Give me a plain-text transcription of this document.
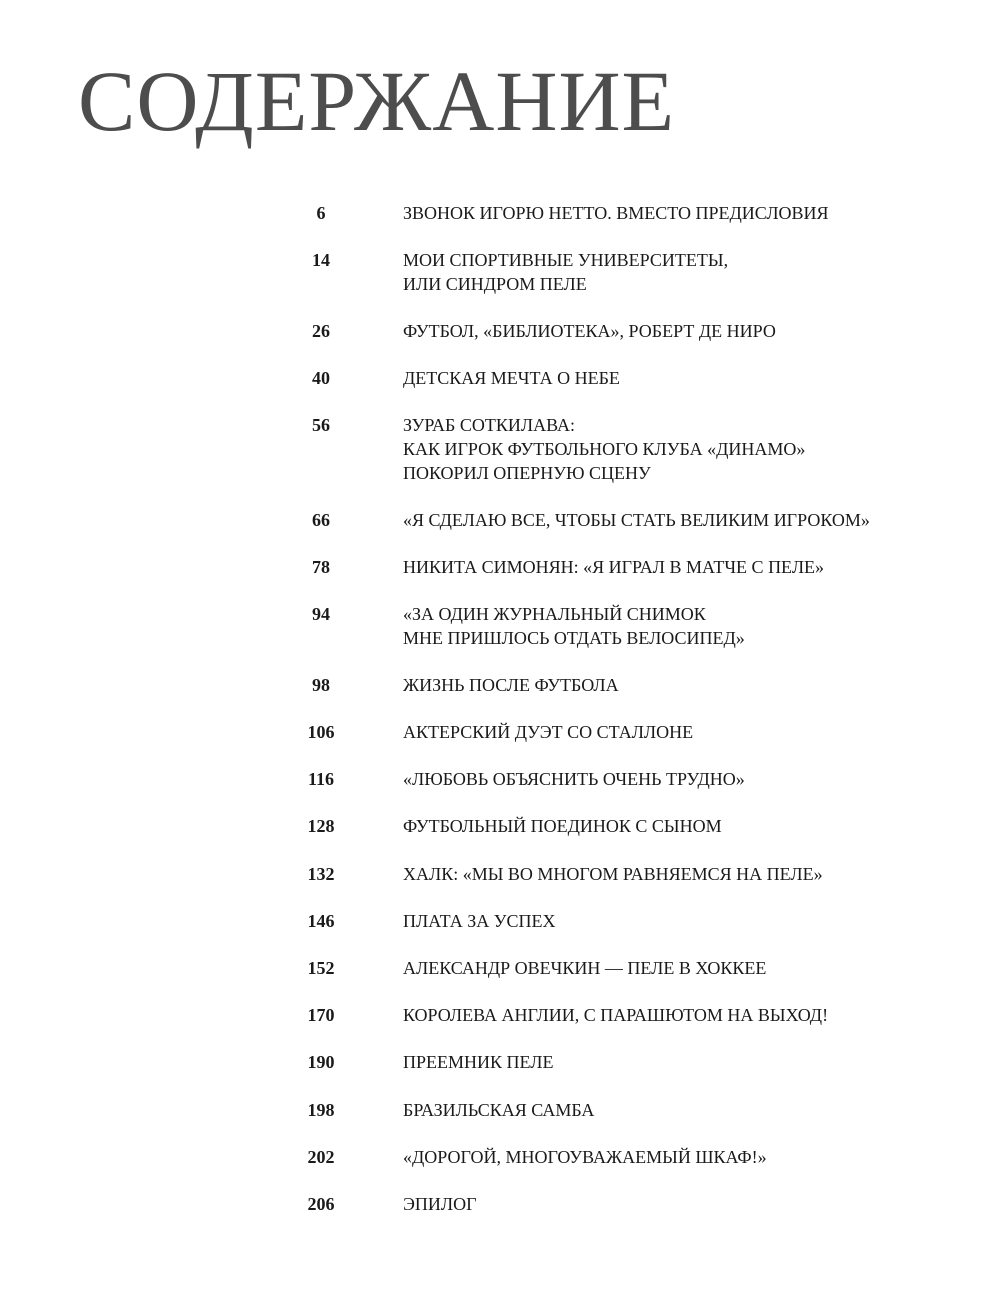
СОДЕРЖАНИЕ
6	ЗВОНОК ИГОРЮ НЕТТО. ВМЕСТО ПРЕДИСЛОВИЯ
14	МОИ СПОРТИВНЫЕ УНИВЕРСИТЕТЫ,
ИЛИ СИНДРОМ ПЕЛЕ
26	ФУТБОЛ, «БИБЛИОТЕКА», РОБЕРТ ДЕ НИРО
40	ДЕТСКАЯ МЕЧТА О НЕБЕ
56	ЗУРАБ СОТКИЛАВА:
КАК ИГРОК ФУТБОЛЬНОГО КЛУБА «ДИНАМО»
ПОКОРИЛ ОПЕРНУЮ СЦЕНУ
66	«Я СДЕЛАЮ ВСЕ, ЧТОБЫ СТАТЬ ВЕЛИКИМ ИГРОКОМ»
78	НИКИТА СИМОНЯН: «Я ИГРАЛ В МАТЧЕ С ПЕЛЕ»
94	«ЗА ОДИН ЖУРНАЛЬНЫЙ СНИМОК
МНЕ ПРИШЛОСЬ ОТДАТЬ ВЕЛОСИПЕД»
98	ЖИЗНЬ ПОСЛЕ ФУТБОЛА
106	АКТЕРСКИЙ ДУЭТ СО СТАЛЛОНЕ
116	«ЛЮБОВЬ ОБЪЯСНИТЬ ОЧЕНЬ ТРУДНО»
128	ФУТБОЛЬНЫЙ ПОЕДИНОК С СЫНОМ
132	ХАЛК: «МЫ ВО МНОГОМ РАВНЯЕМСЯ НА ПЕЛЕ»
146	ПЛАТА ЗА УСПЕХ
152	АЛЕКСАНДР ОВЕЧКИН — ПЕЛЕ В ХОККЕЕ
170	КОРОЛЕВА АНГЛИИ, С ПАРАШЮТОМ НА ВЫХОД!
190	ПРЕЕМНИК ПЕЛЕ
198	БРАЗИЛЬСКАЯ САМБА
202	«ДОРОГОЙ, МНОГОУВАЖАЕМЫЙ ШКАФ!»
206	ЭПИЛОГ
